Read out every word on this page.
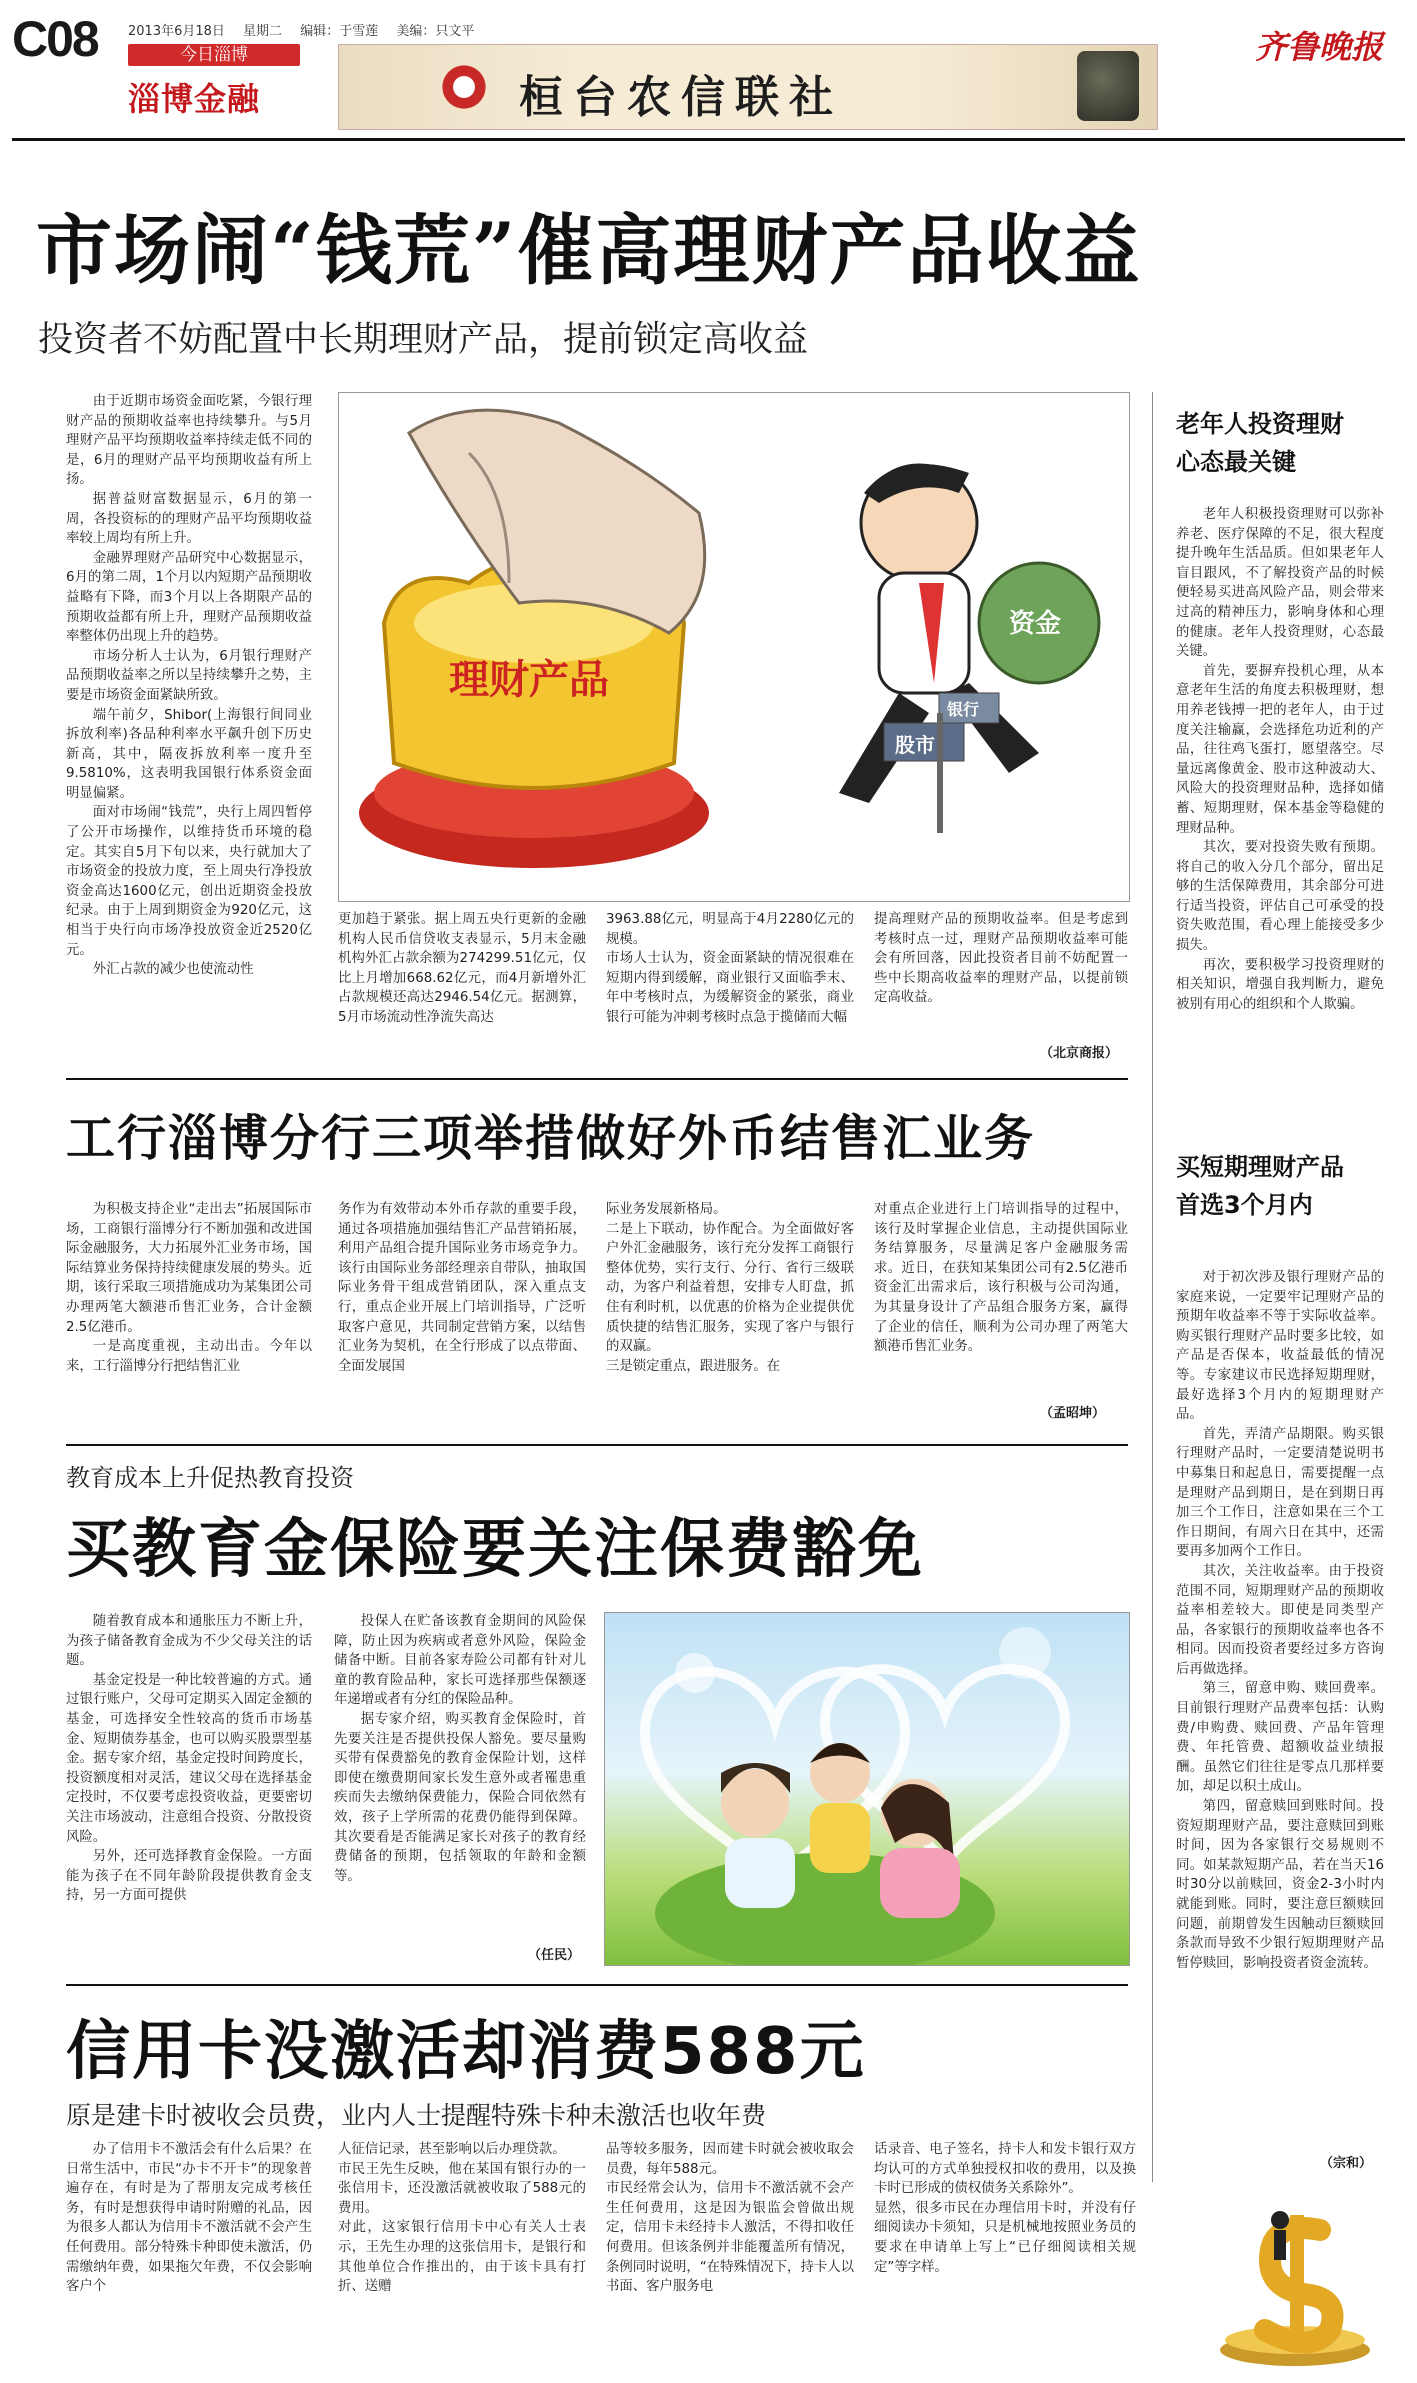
C08 2013年6月18日 星期二 编辑：于雪莲 美编：只文平
今日淄博
淄博金融	桓台农信联社
齐鲁晚报
市场闹“钱荒”催高理财产品收益
投资者不妨配置中长期理财产品，提前锁定高收益

由于近期市场资金面吃紧，今银行理财产品的预期收益率也持续攀升。与5月理财产品平均预期收益率持续走低不同的是，6月的理财产品平均预期收益有所上扬。

据普益财富数据显示，6月的第一周，各投资标的的理财产品平均预期收益率较上周均有所上升。

金融界理财产品研究中心数据显示，6月的第二周，1个月以内短期产品预期收益略有下降，而3个月以上各期限产品的预期收益都有所上升，理财产品预期收益率整体仍出现上升的趋势。

市场分析人士认为，6月银行理财产品预期收益率之所以呈持续攀升之势，主要是市场资金面紧缺所致。

端午前夕，Shibor(上海银行间同业拆放利率)各品种利率水平飙升创下历史新高，其中，隔夜拆放利率一度升至9.5810%，这表明我国银行体系资金面明显偏紧。

面对市场闹“钱荒”，央行上周四暂停了公开市场操作，以维持货币环境的稳定。其实自5月下旬以来，央行就加大了市场资金的投放力度，至上周央行净投放资金高达1600亿元，创出近期资金投放纪录。由于上周到期资金为920亿元，这相当于央行向市场净投放资金近2520亿元。

外汇占款的减少也使流动性

理财产品
资金
银行
股市
更加趋于紧张。据上周五央行更新的金融机构人民币信贷收支表显示，5月末金融机构外汇占款余额为274299.51亿元，仅比上月增加668.62亿元，而4月新增外汇占款规模还高达2946.54亿元。据测算，5月市场流动性净流失高达
3963.88亿元，明显高于4月2280亿元的规模。
市场人士认为，资金面紧缺的情况很难在短期内得到缓解，商业银行又面临季末、年中考核时点，为缓解资金的紧张，商业银行可能为冲刺考核时点急于揽储而大幅
提高理财产品的预期收益率。但是考虑到考核时点一过，理财产品预期收益率可能会有所回落，因此投资者目前不妨配置一些中长期高收益率的理财产品，以提前锁定高收益。
（北京商报）
老年人投资理财
心态最关键

老年人积极投资理财可以弥补养老、医疗保障的不足，很大程度提升晚年生活品质。但如果老年人盲目跟风，不了解投资产品的时候便轻易买进高风险产品，则会带来过高的精神压力，影响身体和心理的健康。老年人投资理财，心态最关键。

首先，要摒弃投机心理，从本意老年生活的角度去积极理财，想用养老钱搏一把的老年人，由于过度关注输赢，会选择危功近利的产品，往往鸡飞蛋打，愿望落空。尽量远离像黄金、股市这种波动大、风险大的投资理财品种，选择如储蓄、短期理财，保本基金等稳健的理财品种。

其次，要对投资失败有预期。将自己的收入分几个部分，留出足够的生活保障费用，其余部分可进行适当投资，评估自己可承受的投资失败范围，看心理上能接受多少损失。

再次，要积极学习投资理财的相关知识，增强自我判断力，避免被别有用心的组织和个人欺骗。

工行淄博分行三项举措做好外币结售汇业务

为积极支持企业“走出去”拓展国际市场，工商银行淄博分行不断加强和改进国际金融服务，大力拓展外汇业务市场，国际结算业务保持持续健康发展的势头。近期，该行采取三项措施成功为某集团公司办理两笔大额港币售汇业务，合计金额2.5亿港币。

一是高度重视，主动出击。今年以来，工行淄博分行把结售汇业

务作为有效带动本外币存款的重要手段，通过各项措施加强结售汇产品营销拓展，利用产品组合提升国际业务市场竞争力。该行由国际业务部经理亲自带队，抽取国际业务骨干组成营销团队，深入重点支行，重点企业开展上门培训指导，广泛听取客户意见，共同制定营销方案，以结售汇业务为契机，在全行形成了以点带面、全面发展国
际业务发展新格局。
二是上下联动，协作配合。为全面做好客户外汇金融服务，该行充分发挥工商银行整体优势，实行支行、分行、省行三级联动，为客户利益着想，安排专人盯盘，抓住有利时机，以优惠的价格为企业提供优质快捷的结售汇服务，实现了客户与银行的双赢。
三是锁定重点，跟进服务。在
对重点企业进行上门培训指导的过程中，该行及时掌握企业信息，主动提供国际业务结算服务，尽量满足客户金融服务需求。近日，在获知某集团公司有2.5亿港币资金汇出需求后，该行积极与公司沟通，为其量身设计了产品组合服务方案，赢得了企业的信任，顺利为公司办理了两笔大额港币售汇业务。
（孟昭坤）
买短期理财产品
首选3个月内

对于初次涉及银行理财产品的家庭来说，一定要牢记理财产品的预期年收益率不等于实际收益率。购买银行理财产品时要多比较，如产品是否保本，收益最低的情况等。专家建议市民选择短期理财，最好选择3个月内的短期理财产品。

首先，弄清产品期限。购买银行理财产品时，一定要清楚说明书中募集日和起息日，需要提醒一点是理财产品到期日，是在到期日再加三个工作日，注意如果在三个工作日期间，有周六日在其中，还需要再多加两个工作日。

其次，关注收益率。由于投资范围不同，短期理财产品的预期收益率相差较大。即使是同类型产品，各家银行的预期收益率也各不相同。因而投资者要经过多方咨询后再做选择。

第三，留意申购、赎回费率。目前银行理财产品费率包括：认购费/申购费、赎回费、产品年管理费、年托管费、超额收益业绩报酬。虽然它们往往是零点几那样要加，却足以积土成山。

第四，留意赎回到账时间。投资短期理财产品，要注意赎回到账时间，因为各家银行交易规则不同。如某款短期产品，若在当天16时30分以前赎回，资金2-3小时内就能到账。同时，要注意巨额赎回问题，前期曾发生因触动巨额赎回条款而导致不少银行短期理财产品暂停赎回，影响投资者资金流转。

（宗和）
教育成本上升促热教育投资
买教育金保险要关注保费豁免

随着教育成本和通胀压力不断上升，为孩子储备教育金成为不少父母关注的话题。

基金定投是一种比较普遍的方式。通过银行账户，父母可定期买入固定金额的基金，可选择安全性较高的货币市场基金、短期债券基金，也可以购买股票型基金。据专家介绍，基金定投时间跨度长，投资额度相对灵活，建议父母在选择基金定投时，不仅要考虑投资收益，更要密切关注市场波动，注意组合投资、分散投资风险。

另外，还可选择教育金保险。一方面能为孩子在不同年龄阶段提供教育金支持，另一方面可提供

投保人在贮备该教育金期间的风险保障，防止因为疾病或者意外风险，保险金储备中断。目前各家寿险公司都有针对儿童的教育险品种，家长可选择那些保额逐年递增或者有分红的保险品种。

据专家介绍，购买教育金保险时，首先要关注是否提供投保人豁免。要尽量购买带有保费豁免的教育金保险计划，这样即使在缴费期间家长发生意外或者罹患重疾而失去缴纳保费能力，保险合同依然有效，孩子上学所需的花费仍能得到保障。其次要看是否能满足家长对孩子的教育经费储备的预期，包括领取的年龄和金额等。

（任民）
信用卡没激活却消费588元
原是建卡时被收会员费，业内人士提醒特殊卡种未激活也收年费
办了信用卡不激活会有什么后果？在日常生活中，市民“办卡不开卡”的现象普遍存在，有时是为了帮朋友完成考核任务，有时是想获得申请时附赠的礼品，因为很多人都认为信用卡不激活就不会产生任何费用。部分特殊卡种即使未激活，仍需缴纳年费，如果拖欠年费，不仅会影响客户个
人征信记录，甚至影响以后办理贷款。
市民王先生反映，他在某国有银行办的一张信用卡，还没激活就被收取了588元的费用。
对此，这家银行信用卡中心有关人士表示，王先生办理的这张信用卡，是银行和其他单位合作推出的，由于该卡具有打折、送赠
品等较多服务，因而建卡时就会被收取会员费，每年588元。
市民经常会认为，信用卡不激活就不会产生任何费用，这是因为银监会曾做出规定，信用卡未经持卡人激活，不得扣收任何费用。但该条例并非能覆盖所有情况，条例同时说明，“在特殊情况下，持卡人以书面、客户服务电
话录音、电子签名，持卡人和发卡银行双方均认可的方式单独授权扣收的费用，以及换卡时已形成的债权债务关系除外”。
显然，很多市民在办理信用卡时，并没有仔细阅读办卡须知，只是机械地按照业务员的要求在申请单上写上“已仔细阅读相关规定”等字样。
